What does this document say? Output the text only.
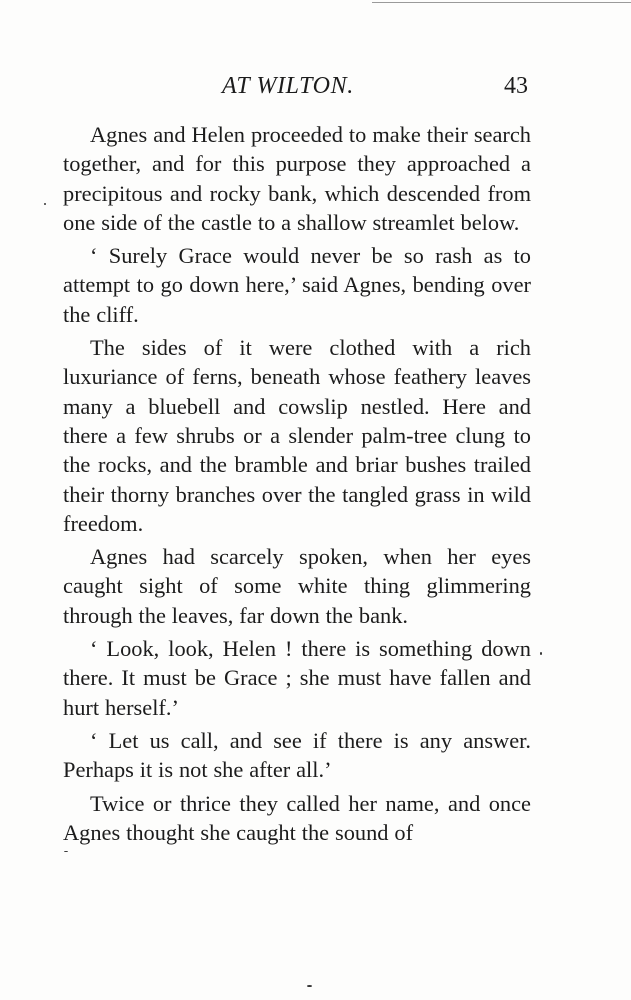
AT WILTON.	43

Agnes and Helen proceeded to make their search together, and for this purpose they approached a precipitous and rocky bank, which descended from one side of the castle to a shallow streamlet below.

‘ Surely Grace would never be so rash as to attempt to go down here,’ said Agnes, bending over the cliff.

The sides of it were clothed with a rich luxuriance of ferns, beneath whose feathery leaves many a bluebell and cowslip nestled. Here and there a few shrubs or a slender palm-tree clung to the rocks, and the bramble and briar bushes trailed their thorny branches over the tangled grass in wild freedom.

Agnes had scarcely spoken, when her eyes caught sight of some white thing glimmering through the leaves, far down the bank.

‘ Look, look, Helen ! there is something down there. It must be Grace ; she must have fallen and hurt herself.’

‘ Let us call, and see if there is any answer. Perhaps it is not she after all.’

Twice or thrice they called her name, and once Agnes thought she caught the sound of
